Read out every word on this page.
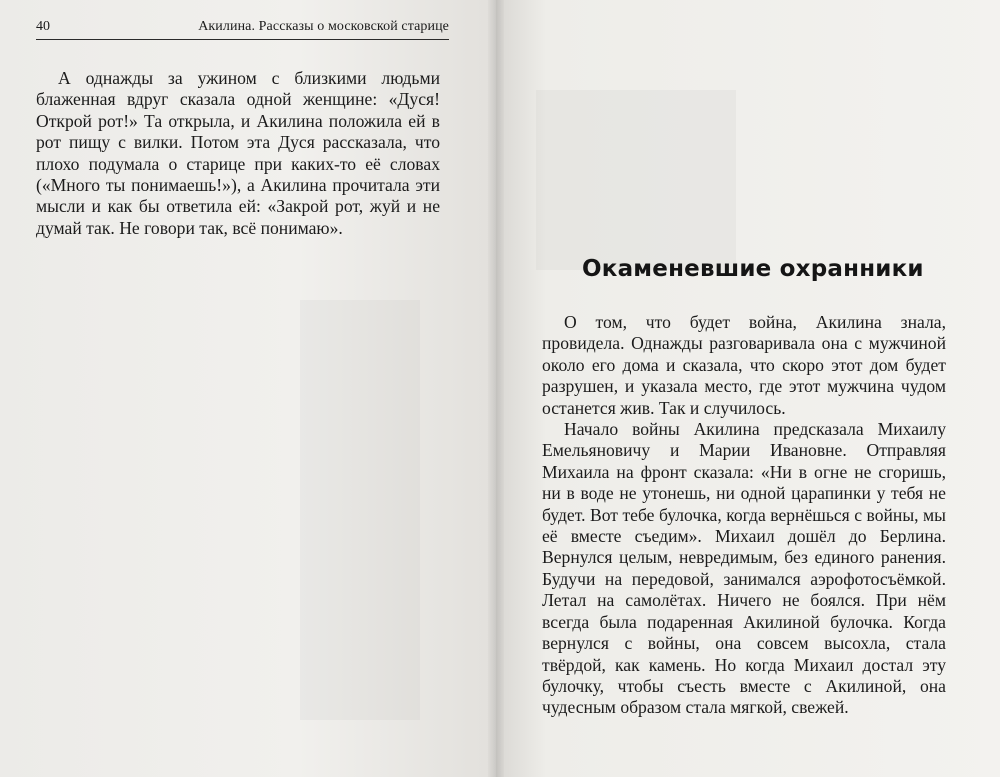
40	Акилина. Рассказы о московской старице

А однажды за ужином с близкими людьми блаженная вдруг сказала одной женщине: «Дуся! Открой рот!» Та открыла, и Акилина положила ей в рот пищу с вилки. Потом эта Дуся рассказала, что плохо подумала о старице при каких-то её словах («Много ты понимаешь!»), а Акилина прочитала эти мысли и как бы ответила ей: «Закрой рот, жуй и не думай так. Не говори так, всё понимаю».

Окаменевшие охранники

О том, что будет война, Акилина знала, провидела. Однажды разговаривала она с мужчиной около его дома и сказала, что скоро этот дом будет разрушен, и указала место, где этот мужчина чудом останется жив. Так и случилось.

Начало войны Акилина предсказала Михаилу Емельяновичу и Марии Ивановне. Отправляя Михаила на фронт сказала: «Ни в огне не сгоришь, ни в воде не утонешь, ни одной царапинки у тебя не будет. Вот тебе булочка, когда вернёшься с войны, мы её вместе съедим». Михаил дошёл до Берлина. Вернулся целым, невредимым, без единого ранения. Будучи на передовой, занимался аэрофотосъёмкой. Летал на самолётах. Ничего не боялся. При нём всегда была подаренная Акилиной булочка. Когда вернулся с войны, она совсем высохла, стала твёрдой, как камень. Но когда Михаил достал эту булочку, чтобы съесть вместе с Акилиной, она чудесным образом стала мягкой, свежей.
